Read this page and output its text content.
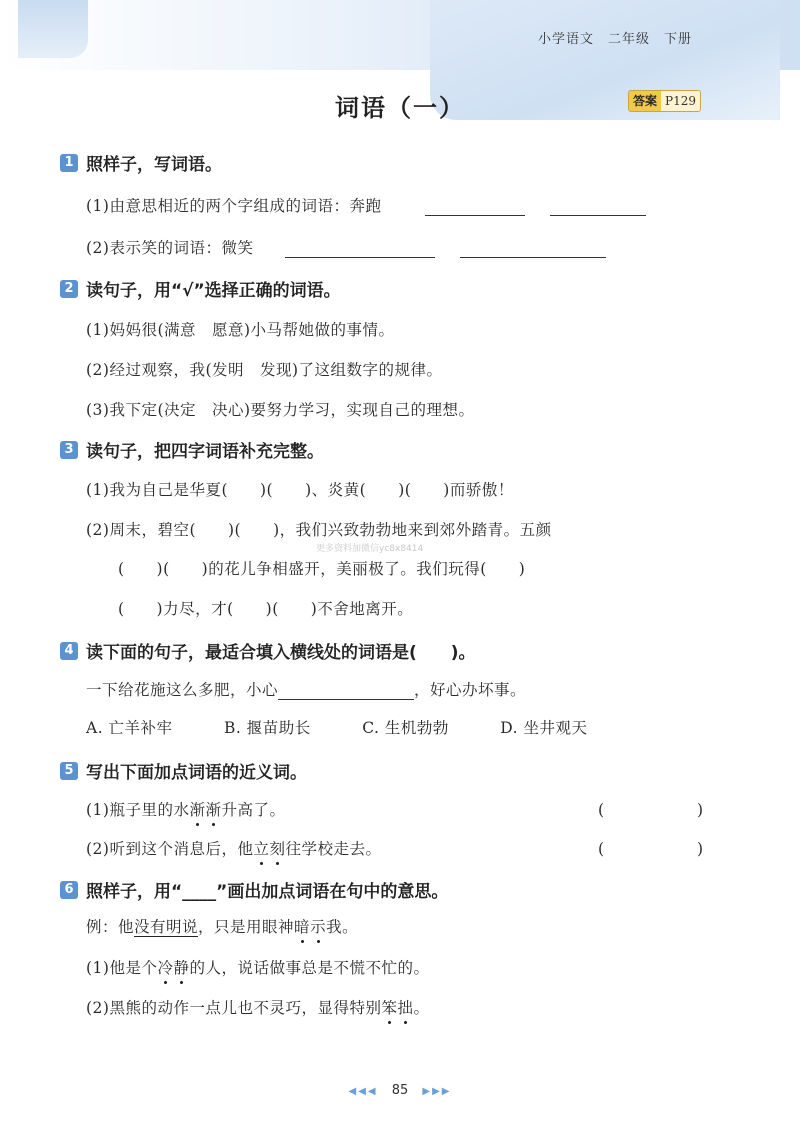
小学语文　二年级　下册
词语（一）	答案 P129
1 照样子，写词语。
(1)由意思相近的两个字组成的词语：奔跑
(2)表示笑的词语：微笑
2 读句子，用“√”选择正确的词语。
(1)妈妈很(满意　愿意)小马帮她做的事情。
(2)经过观察，我(发明　发现)了这组数字的规律。
(3)我下定(决定　决心)要努力学习，实现自己的理想。
3 读句子，把四字词语补充完整。
(1)我为自己是华夏(　　)(　　)、炎黄(　　)(　　)而骄傲！
(2)周末，碧空(　　)(　　)，我们兴致勃勃地来到郊外踏青。五颜
更多资料加微信yc8x8414
(　　)(　　)的花儿争相盛开，美丽极了。我们玩得(　　)
(　　)力尽，才(　　)(　　)不舍地离开。
4 读下面的句子，最适合填入横线处的词语是(　　)。
一下给花施这么多肥，小心	，好心办坏事。
A. 亡羊补牢	B. 揠苗助长	C. 生机勃勃	D. 坐井观天
5 写出下面加点词语的近义词。
(1)瓶子里的水渐渐升高了。	(　　　　　　)
(2)听到这个消息后，他立刻往学校走去。	(　　　　　　)
6 照样子，用“____”画出加点词语在句中的意思。
例：他没有明说，只是用眼神暗示我。
(1)他是个冷静的人，说话做事总是不慌不忙的。
(2)黑熊的动作一点儿也不灵巧，显得特别笨拙。
◀◀◀ 85 ▶▶▶
